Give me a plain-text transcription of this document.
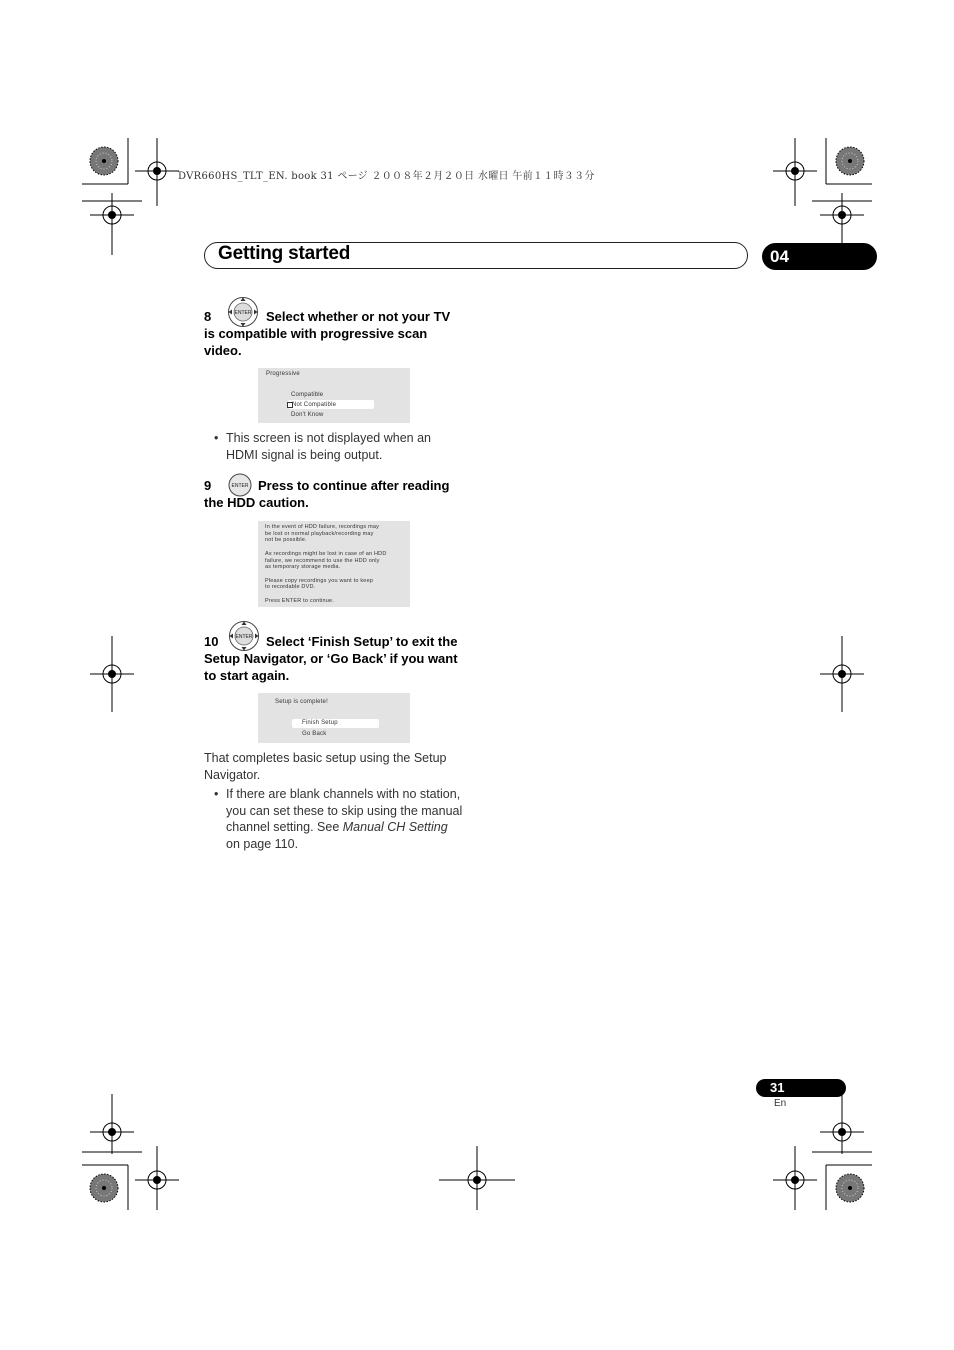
DVR660HS_TLT_EN. book 31 ページ ２００８年２月２０日 水曜日 午前１１時３３分
Getting started	04
ENTER
8	Select whether or not your TV

is compatible with progressive scan video.
Progressive
Compatible
Not Compatible
Don't Know
• This screen is not displayed when an HDMI signal is being output.
ENTER
9	Press to continue after reading

the HDD caution.
In the event of HDD failure, recordings may
be lost or normal playback/recording may
not be possible.
As recordings might be lost in case of an HDD
failure, we recommend to use the HDD only
as temporary storage media.
Please copy recordings you want to keep
to recordable DVD.
Press ENTER to continue.
ENTER
10	Select ‘Finish Setup’ to exit the

Setup Navigator, or ‘Go Back’ if you want to start again.
Setup is complete!
Finish Setup
Go Back
That completes basic setup using the Setup Navigator.
• If there are blank channels with no station, you can set these to skip using the manual channel setting. See Manual CH Setting on page 110.
31
En
